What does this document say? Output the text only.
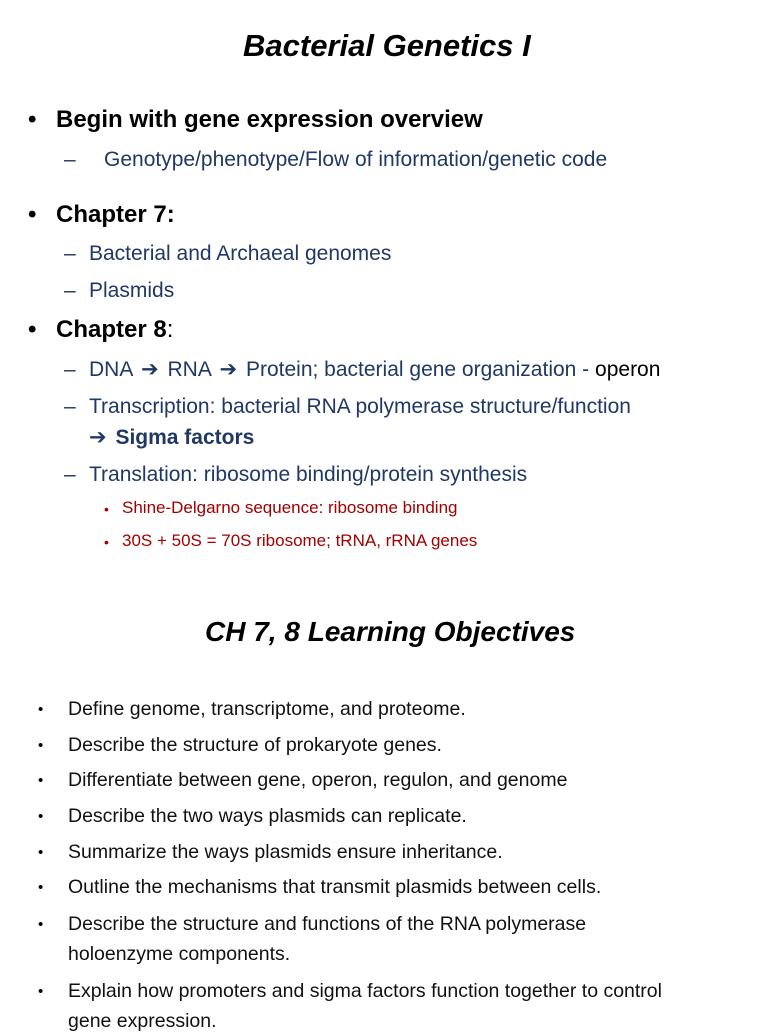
Bacterial Genetics I
• Begin with gene expression overview
– Genotype/phenotype/Flow of information/genetic code
• Chapter 7:
– Bacterial and Archaeal genomes
– Plasmids
• Chapter 8:
– DNA ➔ RNA ➔ Protein; bacterial gene organization - operon
– Transcription: bacterial RNA polymerase structure/function
➔ Sigma factors
– Translation: ribosome binding/protein synthesis
• Shine-Delgarno sequence: ribosome binding
• 30S + 50S = 70S ribosome; tRNA, rRNA genes
CH 7, 8 Learning Objectives
• Define genome, transcriptome, and proteome.
• Describe the structure of prokaryote genes.
• Differentiate between gene, operon, regulon, and genome
• Describe the two ways plasmids can replicate.
• Summarize the ways plasmids ensure inheritance.
• Outline the mechanisms that transmit plasmids between cells.
• Describe the structure and functions of the RNA polymerase
holoenzyme components.
• Explain how promoters and sigma factors function together to control
gene expression.
